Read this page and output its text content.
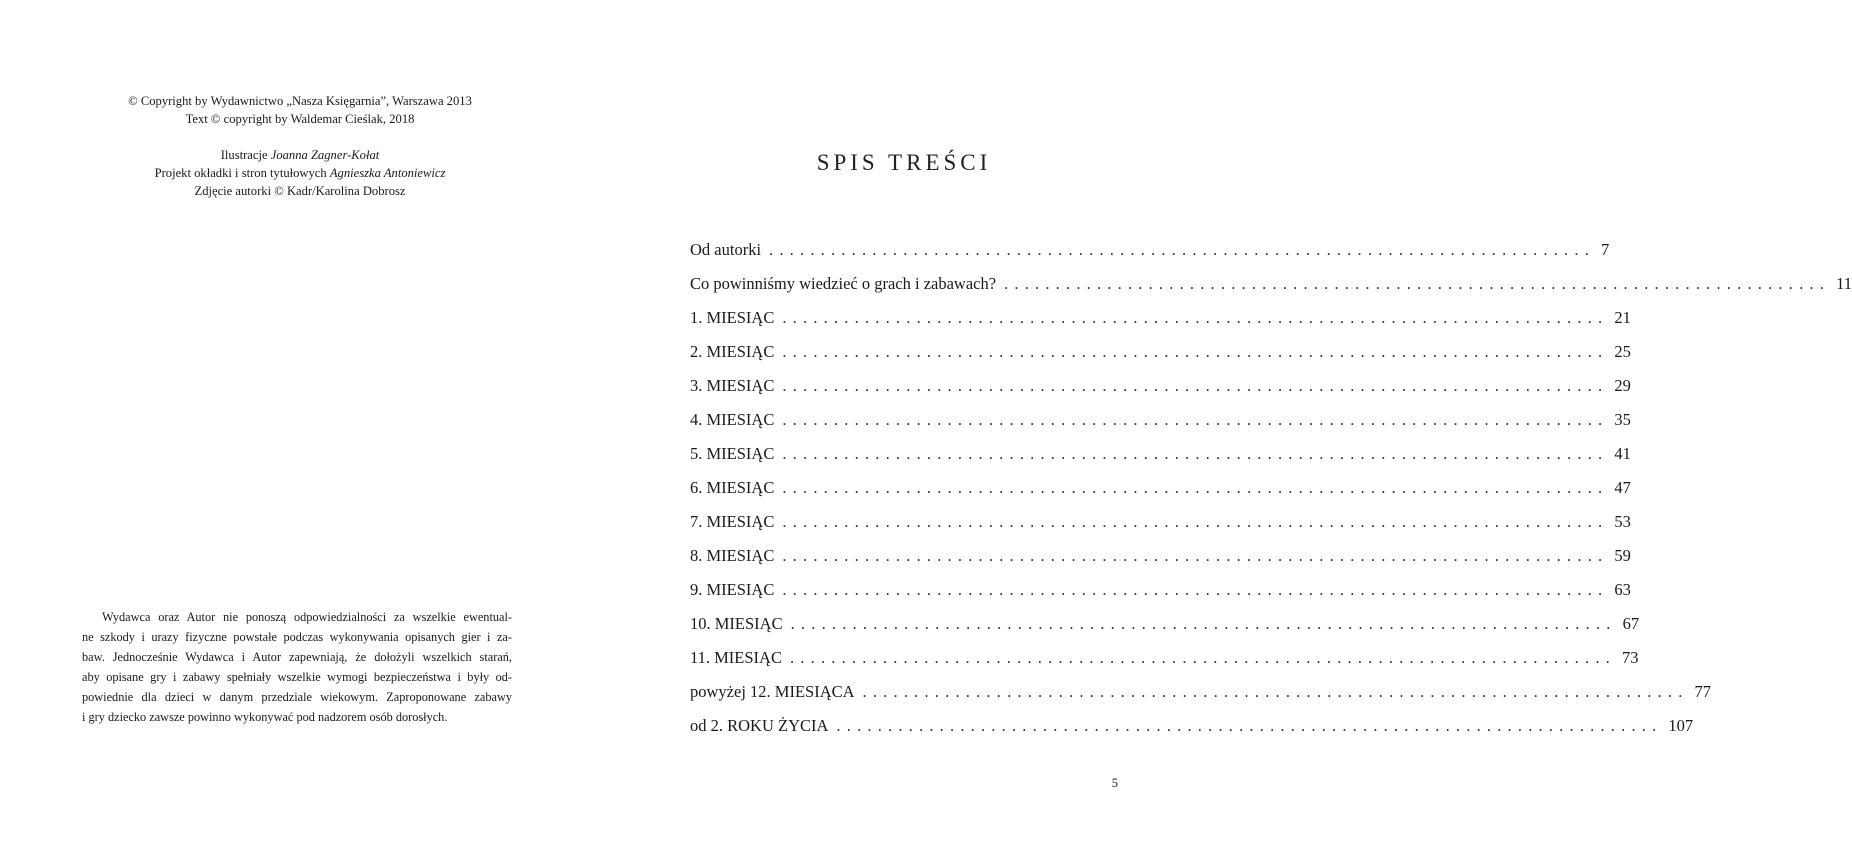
© Copyright by Wydawnictwo „Nasza Księgarnia”, Warszawa 2013
Text © copyright by Waldemar Cieślak, 2018
Ilustracje Joanna Zagner-Kołat
Projekt okładki i stron tytułowych Agnieszka Antoniewicz
Zdjęcie autorki © Kadr/Karolina Dobrosz
Wydawca oraz Autor nie ponoszą odpowiedzialności za wszelkie ewentual-
ne szkody i urazy fizyczne powstałe podczas wykonywania opisanych gier i za-
baw. Jednocześnie Wydawca i Autor zapewniają, że dołożyli wszelkich starań,
aby opisane gry i zabawy spełniały wszelkie wymogi bezpieczeństwa i były od-
powiednie dla dzieci w danym przedziale wiekowym. Zaproponowane zabawy
i gry dziecko zawsze powinno wykonywać pod nadzorem osób dorosłych.
SPIS TREŚCI
Od autorki ................................................................................ 7
Co powinniśmy wiedzieć o grach i zabawach? ................................................................................ 11
1. MIESIĄC ................................................................................ 21
2. MIESIĄC ................................................................................ 25
3. MIESIĄC ................................................................................ 29
4. MIESIĄC ................................................................................ 35
5. MIESIĄC ................................................................................ 41
6. MIESIĄC ................................................................................ 47
7. MIESIĄC ................................................................................ 53
8. MIESIĄC ................................................................................ 59
9. MIESIĄC ................................................................................ 63
10. MIESIĄC ................................................................................ 67
11. MIESIĄC ................................................................................ 73
powyżej 12. MIESIĄCA ................................................................................ 77
od 2. ROKU ŻYCIA ................................................................................ 107
5
